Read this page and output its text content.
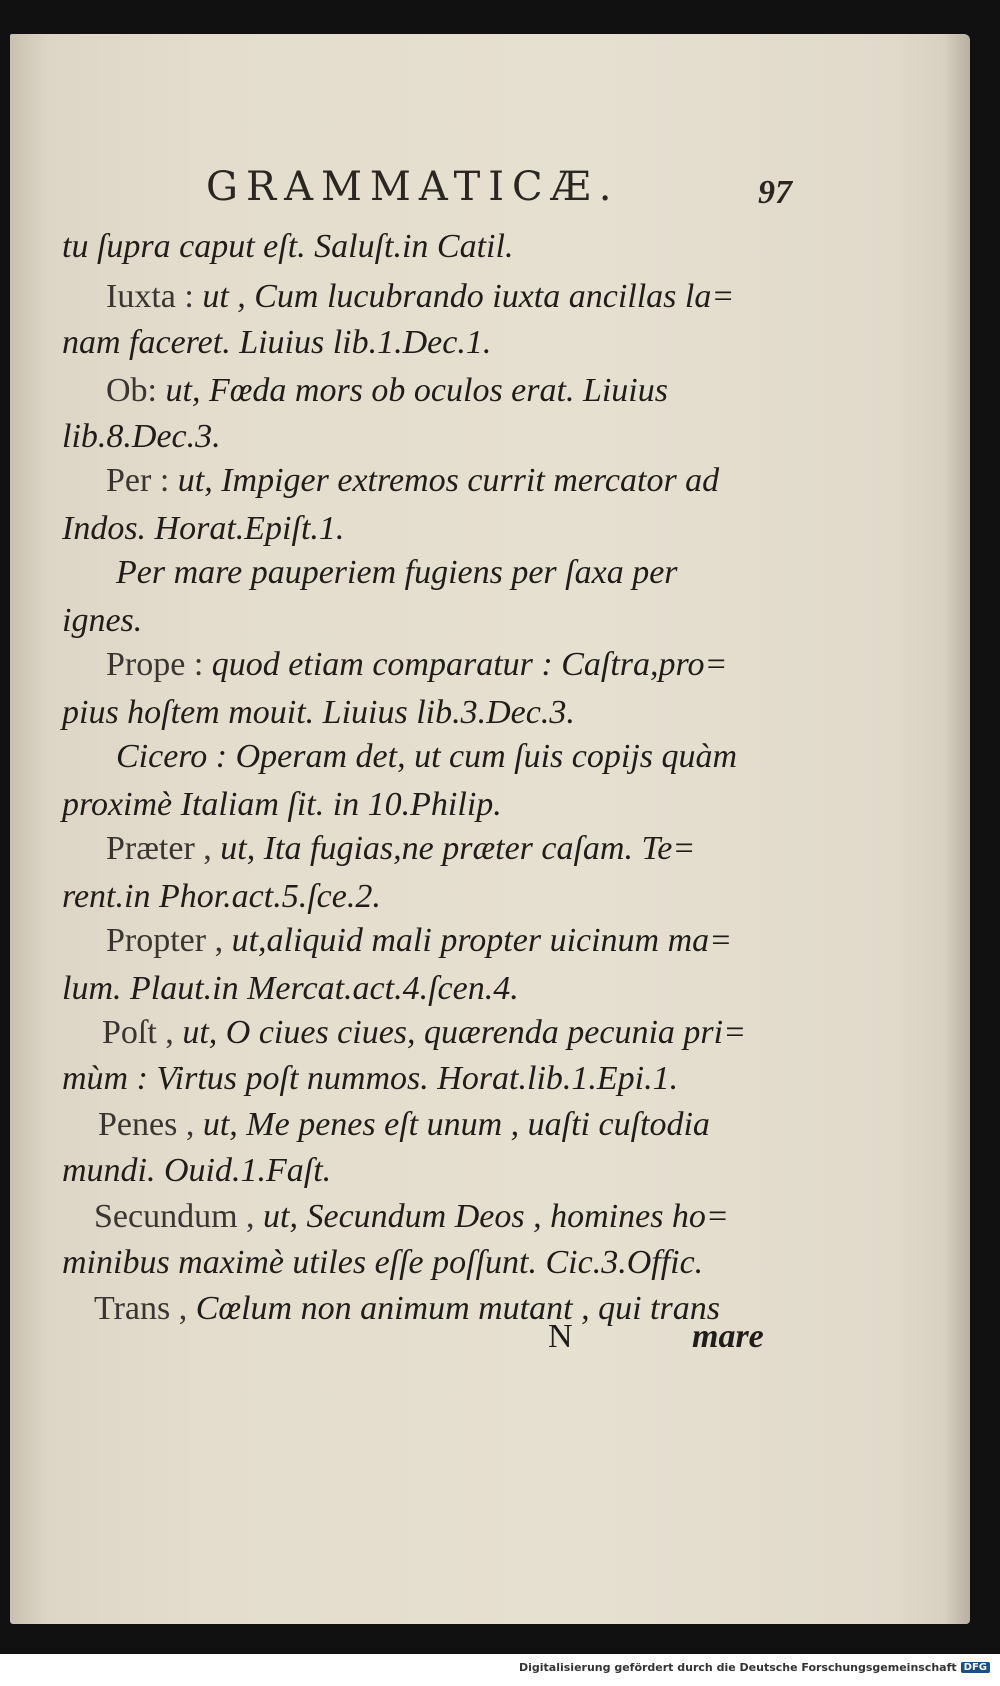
GRAMMATICÆ.	97
tu ſupra caput eſt. Saluſt.in Catil.
Iuxta : ut , Cum lucubrando iuxta ancillas la=
nam faceret. Liuius lib.1.Dec.1.
Ob: ut, Fœda mors ob oculos erat. Liuius
lib.8.Dec.3.
Per : ut, Impiger extremos currit mercator ad
Indos. Horat.Epiſt.1.
Per mare pauperiem fugiens per ſaxa per
ignes.
Prope : quod etiam comparatur : Caſtra,pro=
pius hoſtem mouit. Liuius lib.3.Dec.3.
Cicero : Operam det, ut cum ſuis copijs quàm
proximè Italiam ſit. in 10.Philip.
Præter , ut, Ita fugias,ne præter caſam. Te=
rent.in Phor.act.5.ſce.2.
Propter , ut,aliquid mali propter uicinum ma=
lum. Plaut.in Mercat.act.4.ſcen.4.
Poſt , ut, O ciues ciues, quærenda pecunia pri=
mùm : Virtus poſt nummos. Horat.lib.1.Epi.1.
Penes , ut, Me penes eſt unum , uaſti cuſtodia
mundi. Ouid.1.Faſt.
Secundum , ut, Secundum Deos , homines ho=
minibus maximè utiles eſſe poſſunt. Cic.3.Offic.
Trans , Cœlum non animum mutant , qui trans
N	mare
Digitalisierung gefördert durch die Deutsche Forschungsgemeinschaft DFG
